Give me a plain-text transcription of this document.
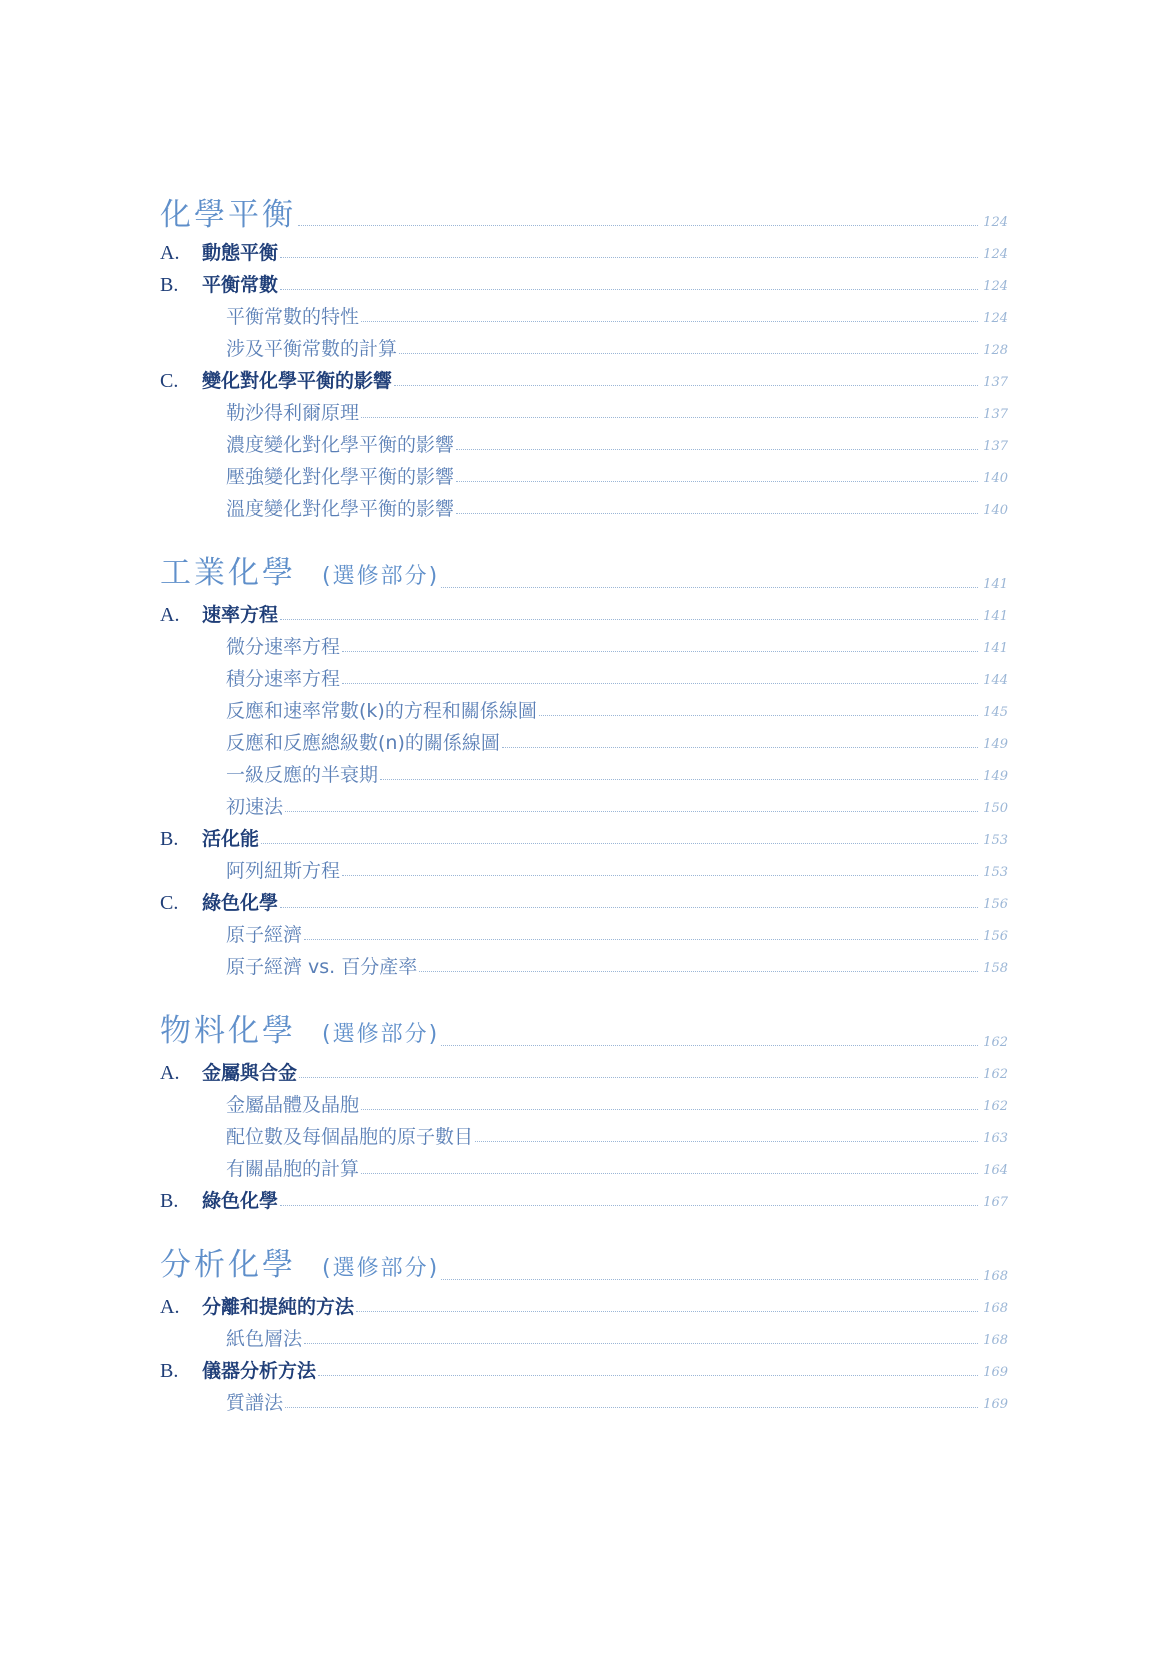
化學平衡	124
A.	動態平衡	124
B.	平衡常數	124
平衡常數的特性	124
涉及平衡常數的計算	128
C.	變化對化學平衡的影響	137
勒沙得利爾原理	137
濃度變化對化學平衡的影響	137
壓強變化對化學平衡的影響	140
溫度變化對化學平衡的影響	140
工業化學 (選修部分)	141
A.	速率方程	141
微分速率方程	141
積分速率方程	144
反應和速率常數(k)的方程和關係線圖	145
反應和反應總級數(n)的關係線圖	149
一級反應的半衰期	149
初速法	150
B.	活化能	153
阿列紐斯方程	153
C.	綠色化學	156
原子經濟	156
原子經濟 vs. 百分產率	158
物料化學 (選修部分)	162
A.	金屬與合金	162
金屬晶體及晶胞	162
配位數及每個晶胞的原子數目	163
有關晶胞的計算	164
B.	綠色化學	167
分析化學 (選修部分)	168
A.	分離和提純的方法	168
紙色層法	168
B.	儀器分析方法	169
質譜法	169
